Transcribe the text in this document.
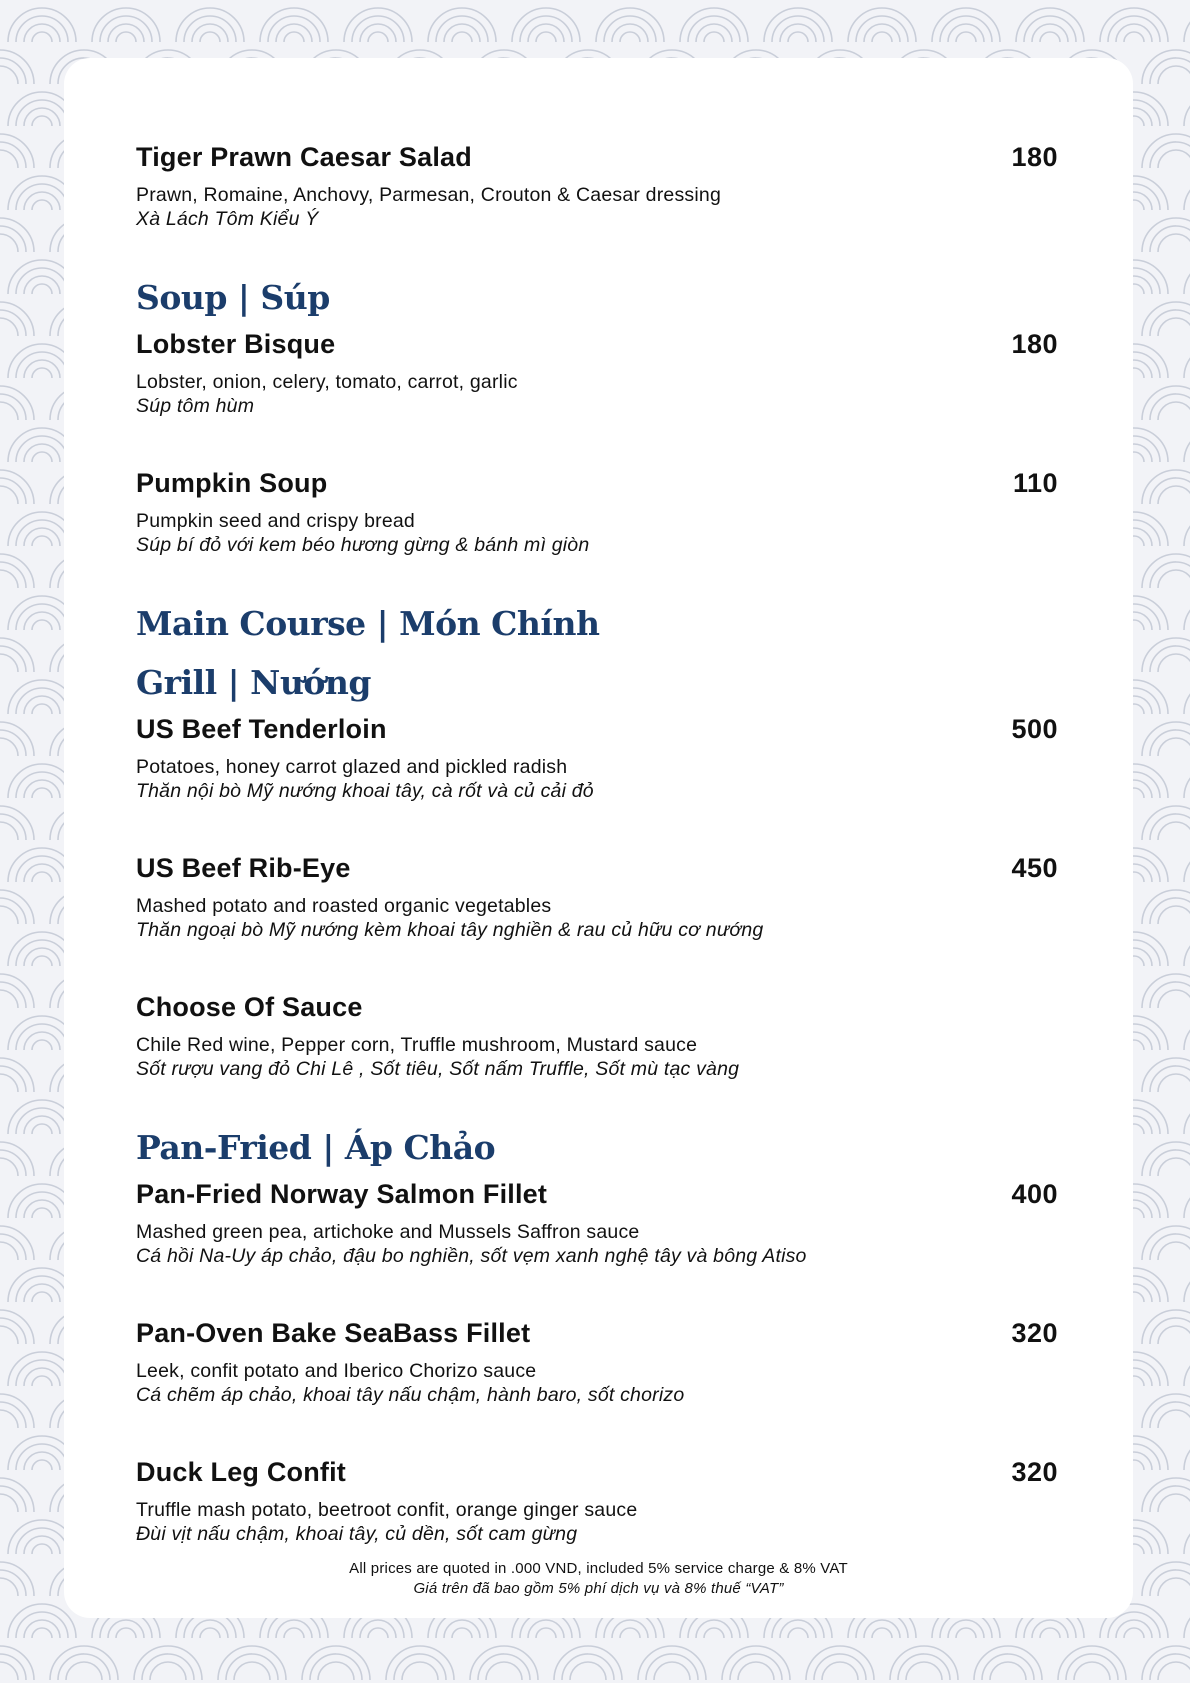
Tiger Prawn Caesar Salad	180
Prawn, Romaine, Anchovy, Parmesan, Crouton & Caesar dressing
Xà Lách Tôm Kiểu Ý
Soup | Súp
Lobster Bisque	180
Lobster, onion, celery, tomato, carrot, garlic
Súp tôm hùm
Pumpkin Soup	110
Pumpkin seed and crispy bread
Súp bí đỏ với kem béo hương gừng & bánh mì giòn
Main Course | Món Chính
Grill | Nướng
US Beef Tenderloin	500
Potatoes, honey carrot glazed and pickled radish
Thăn nội bò Mỹ nướng khoai tây, cà rốt và củ cải đỏ
US Beef Rib-Eye	450
Mashed potato and roasted organic vegetables
Thăn ngoại bò Mỹ nướng kèm khoai tây nghiền & rau củ hữu cơ nướng
Choose Of Sauce
Chile Red wine, Pepper corn, Truffle mushroom, Mustard sauce
Sốt rượu vang đỏ Chi Lê , Sốt tiêu, Sốt nấm Truffle, Sốt mù tạc vàng
Pan-Fried | Áp Chảo
Pan-Fried Norway Salmon Fillet	400
Mashed green pea, artichoke and Mussels Saffron sauce
Cá hồi Na-Uy áp chảo, đậu bo nghiền, sốt vẹm xanh nghệ tây và bông Atiso
Pan-Oven Bake SeaBass Fillet	320
Leek, confit potato and Iberico Chorizo sauce
Cá chẽm áp chảo, khoai tây nấu chậm, hành baro, sốt chorizo
Duck Leg Confit	320
Truffle mash potato, beetroot confit, orange ginger sauce
Đùi vịt nấu chậm, khoai tây, củ dền, sốt cam gừng
All prices are quoted in .000 VND, included 5% service charge & 8% VAT
Giá trên đã bao gồm 5% phí dịch vụ và 8% thuế “VAT”
